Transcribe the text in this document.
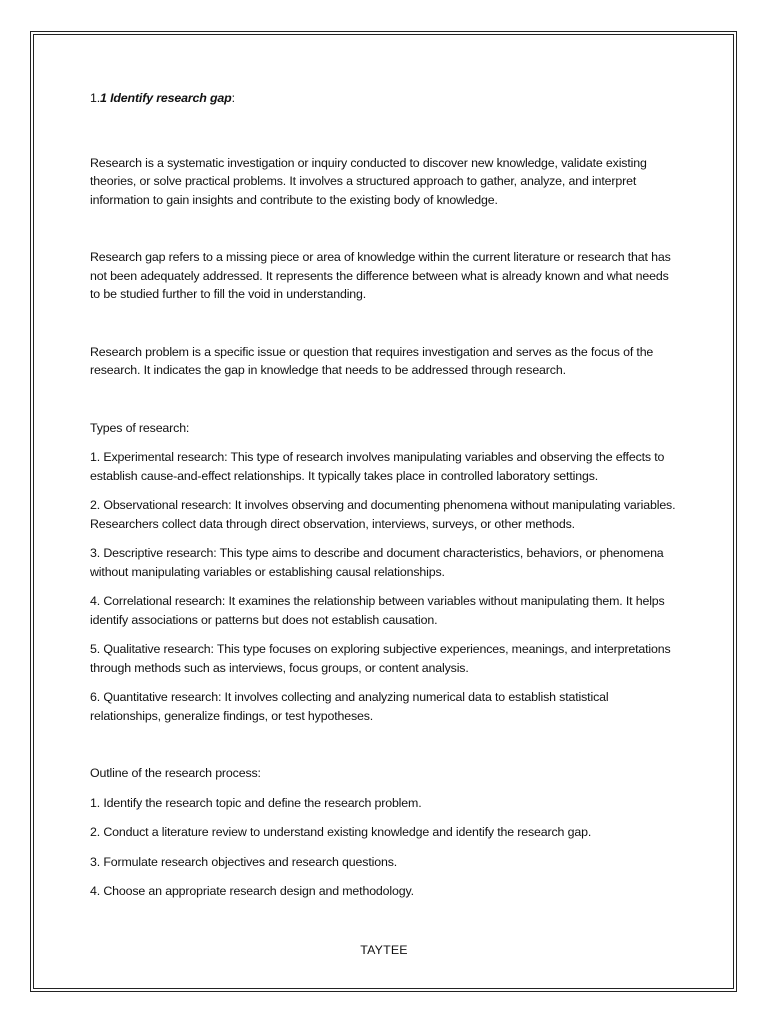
1.1 Identify research gap:

Research is a systematic investigation or inquiry conducted to discover new knowledge, validate existing theories, or solve practical problems. It involves a structured approach to gather, analyze, and interpret information to gain insights and contribute to the existing body of knowledge.

Research gap refers to a missing piece or area of knowledge within the current literature or research that has not been adequately addressed. It represents the difference between what is already known and what needs to be studied further to fill the void in understanding.

Research problem is a specific issue or question that requires investigation and serves as the focus of the research. It indicates the gap in knowledge that needs to be addressed through research.

Types of research:

1. Experimental research: This type of research involves manipulating variables and observing the effects to establish cause-and-effect relationships. It typically takes place in controlled laboratory settings.

2. Observational research: It involves observing and documenting phenomena without manipulating variables. Researchers collect data through direct observation, interviews, surveys, or other methods.

3. Descriptive research: This type aims to describe and document characteristics, behaviors, or phenomena without manipulating variables or establishing causal relationships.

4. Correlational research: It examines the relationship between variables without manipulating them. It helps identify associations or patterns but does not establish causation.

5. Qualitative research: This type focuses on exploring subjective experiences, meanings, and interpretations through methods such as interviews, focus groups, or content analysis.

6. Quantitative research: It involves collecting and analyzing numerical data to establish statistical relationships, generalize findings, or test hypotheses.

Outline of the research process:

1. Identify the research topic and define the research problem.

2. Conduct a literature review to understand existing knowledge and identify the research gap.

3. Formulate research objectives and research questions.

4. Choose an appropriate research design and methodology.

TAYTEE
